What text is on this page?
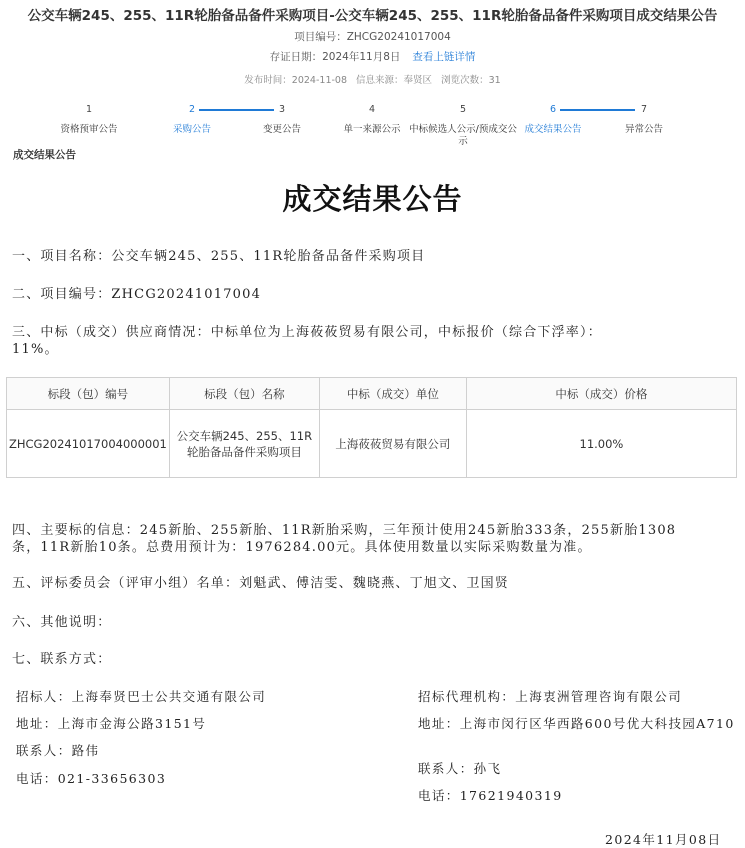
公交车辆245、255、11R轮胎备品备件采购项目-公交车辆245、255、11R轮胎备品备件采购项目成交结果公告
项目编号：ZHCG20241017004
存证日期：2024年11月8日 查看上链详情
发布时间：2024-11-08 信息来源：奉贤区 浏览次数：31
1
资格预审公告
2
采购公告
3
变更公告
4
单一来源公示
5
中标候选人公示/预成交公示
6
成交结果公告
7
异常公告
成交结果公告
成交结果公告
一、项目名称：公交车辆245、255、11R轮胎备品备件采购项目
二、项目编号：ZHCG20241017004
三、中标（成交）供应商情况：中标单位为上海莜莜贸易有限公司，中标报价（综合下浮率）：
11%。
标段（包）编号	标段（包）名称	中标（成交）单位	中标（成交）价格
ZHCG20241017004000001	公交车辆245、255、11R轮胎备品备件采购项目	上海莜莜贸易有限公司	11.00%
四、主要标的信息：245新胎、255新胎、11R新胎采购，三年预计使用245新胎333条，255新胎1308
条，11R新胎10条。总费用预计为：1976284.00元。具体使用数量以实际采购数量为准。
五、评标委员会（评审小组）名单：刘魁武、傅洁雯、魏晓燕、丁旭文、卫国贤
六、其他说明：
七、联系方式：
招标人：上海奉贤巴士公共交通有限公司
地址：上海市金海公路3151号
联系人：路伟
电话：021-33656303
招标代理机构：上海衷洲管理咨询有限公司
地址：上海市闵行区华西路600号优大科技园A710
联系人：孙飞
电话：17621940319
2024年11月08日
